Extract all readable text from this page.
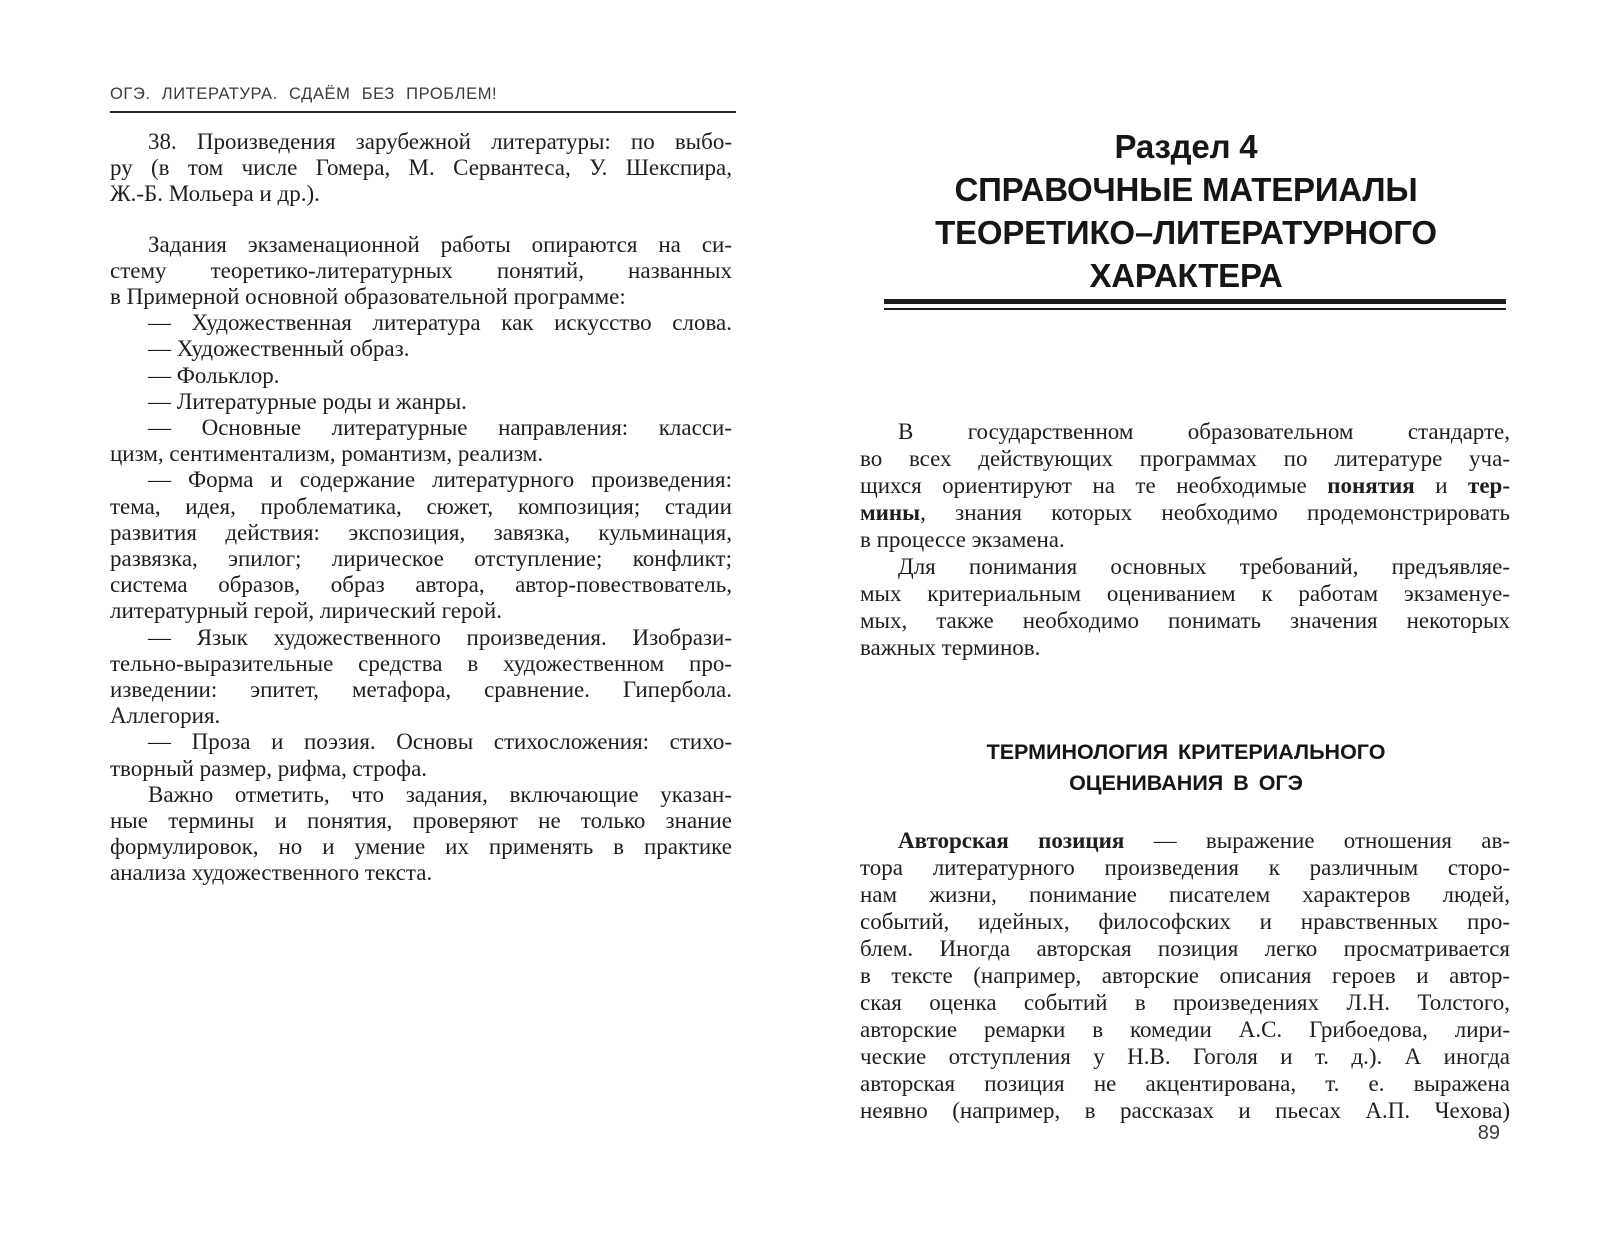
ОГЭ. ЛИТЕРАТУРА. СДАЁМ БЕЗ ПРОБЛЕМ!
38. Произведения зарубежной литературы: по выбо-
ру (в том числе Гомера, М. Сервантеса, У. Шекспира,
Ж.-Б. Мольера и др.).
Задания экзаменационной работы опираются на си-
стему теоретико-литературных понятий, названных
в Примерной основной образовательной программе:
— Художественная литература как искусство слова.
— Художественный образ.
— Фольклор.
— Литературные роды и жанры.
— Основные литературные направления: класси-
цизм, сентиментализм, романтизм, реализм.
— Форма и содержание литературного произведения:
тема, идея, проблематика, сюжет, композиция; стадии
развития действия: экспозиция, завязка, кульминация,
развязка, эпилог; лирическое отступление; конфликт;
система образов, образ автора, автор-повествователь,
литературный герой, лирический герой.
— Язык художественного произведения. Изобрази-
тельно-выразительные средства в художественном про-
изведении: эпитет, метафора, сравнение. Гипербола.
Аллегория.
— Проза и поэзия. Основы стихосложения: стихо-
творный размер, рифма, строфа.
Важно отметить, что задания, включающие указан-
ные термины и понятия, проверяют не только знание
формулировок, но и умение их применять в практике
анализа художественного текста.
Раздел 4
СПРАВОЧНЫЕ МАТЕРИАЛЫ
ТЕОРЕТИКО–ЛИТЕРАТУРНОГО
ХАРАКТЕРА
В государственном образовательном стандарте,
во всех действующих программах по литературе уча-
щихся ориентируют на те необходимые понятия и тер-
мины, знания которых необходимо продемонстрировать
в процессе экзамена.
Для понимания основных требований, предъявляе-
мых критериальным оцениванием к работам экзаменуе-
мых, также необходимо понимать значения некоторых
важных терминов.
ТЕРМИНОЛОГИЯ КРИТЕРИАЛЬНОГО
ОЦЕНИВАНИЯ В ОГЭ
Авторская позиция — выражение отношения ав-
тора литературного произведения к различным сторо-
нам жизни, понимание писателем характеров людей,
событий, идейных, философских и нравственных про-
блем. Иногда авторская позиция легко просматривается
в тексте (например, авторские описания героев и автор-
ская оценка событий в произведениях Л.Н. Толстого,
авторские ремарки в комедии А.С. Грибоедова, лири-
ческие отступления у Н.В. Гоголя и т. д.). А иногда
авторская позиция не акцентирована, т. е. выражена
неявно (например, в рассказах и пьесах А.П. Чехова)
89
